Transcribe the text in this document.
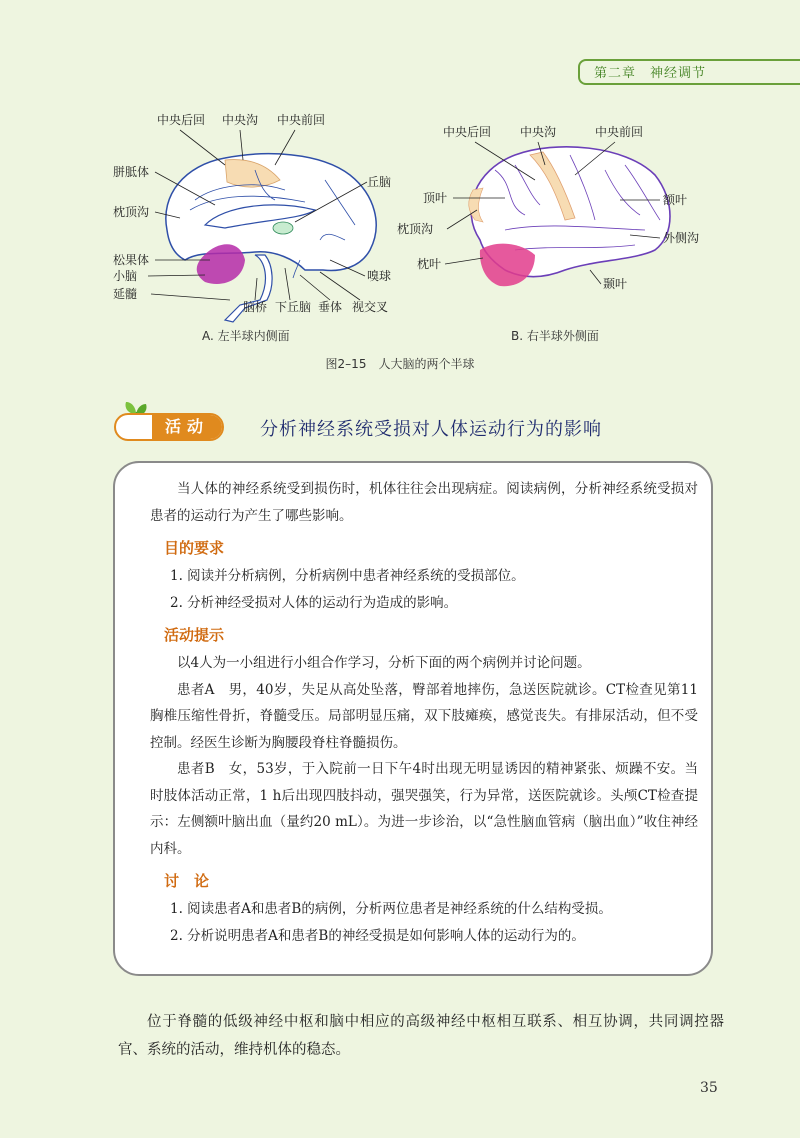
第二章　神经调节
中央后回 中央沟 中央前回
胼胝体
丘脑
枕顶沟
松果体
小脑
延髓
嗅球
脑桥 下丘脑 垂体 视交叉
A. 左半球内侧面
中央后回 中央沟	中央前回
顶叶	额叶
枕顶沟
外侧沟
枕叶
颞叶
B. 右半球外侧面
图2–15　人大脑的两个半球
活动	分析神经系统受损对人体运动行为的影响

当人体的神经系统受到损伤时，机体往往会出现病症。阅读病例，分析神经系统受损对患者的运动行为产生了哪些影响。

目的要求

1. 阅读并分析病例，分析病例中患者神经系统的受损部位。

2. 分析神经受损对人体的运动行为造成的影响。

活动提示

以4人为一小组进行小组合作学习，分析下面的两个病例并讨论问题。

患者A　男，40岁，失足从高处坠落，臀部着地摔伤，急送医院就诊。CT检查见第11胸椎压缩性骨折，脊髓受压。局部明显压痛，双下肢瘫痪，感觉丧失。有排尿活动，但不受控制。经医生诊断为胸腰段脊柱脊髓损伤。

患者B　女，53岁，于入院前一日下午4时出现无明显诱因的精神紧张、烦躁不安。当时肢体活动正常，1 h后出现四肢抖动，强哭强笑，行为异常，送医院就诊。头颅CT检查提示：左侧额叶脑出血（量约20 mL）。为进一步诊治，以“急性脑血管病（脑出血）”收住神经内科。

讨　论

1. 阅读患者A和患者B的病例，分析两位患者是神经系统的什么结构受损。

2. 分析说明患者A和患者B的神经受损是如何影响人体的运动行为的。

位于脊髓的低级神经中枢和脑中相应的高级神经中枢相互联系、相互协调，共同调控器官、系统的活动，维持机体的稳态。
35
